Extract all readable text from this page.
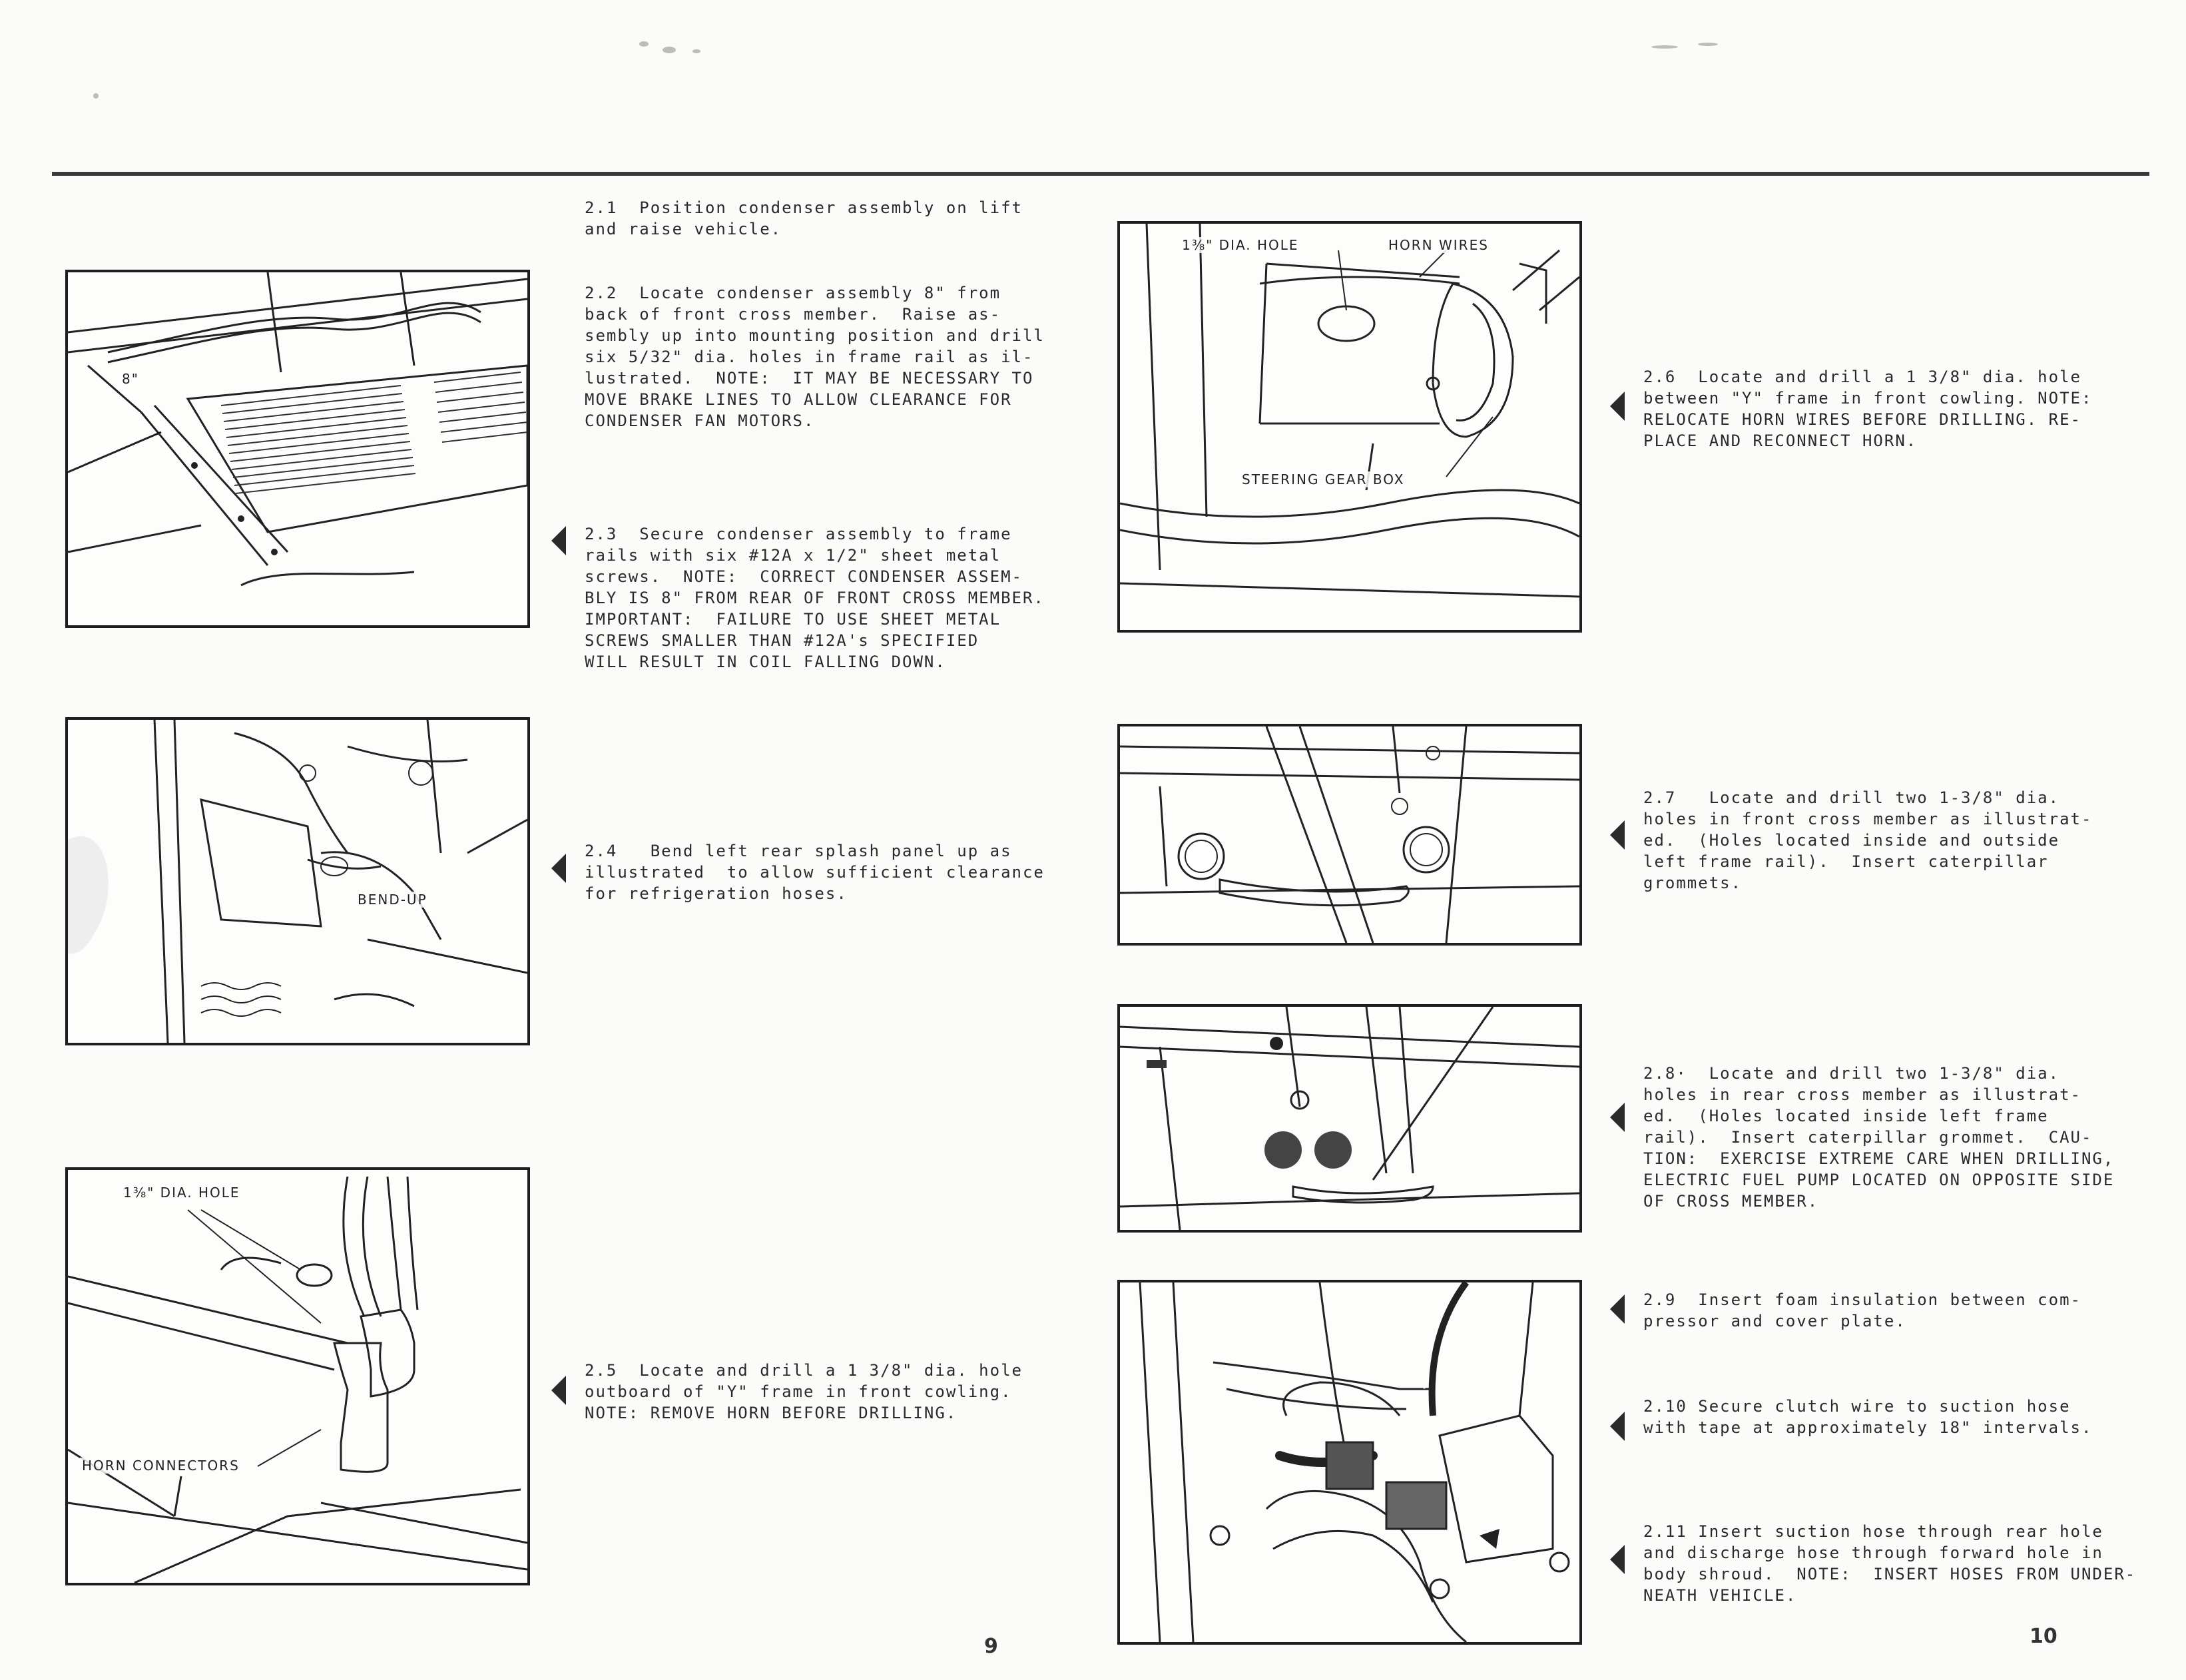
8"
2.1  Position condenser assembly on lift
and raise vehicle.
2.2  Locate condenser assembly 8" from
back of front cross member.  Raise as-
sembly up into mounting position and drill
six 5/32" dia. holes in frame rail as il-
lustrated.  NOTE:  IT MAY BE NECESSARY TO
MOVE BRAKE LINES TO ALLOW CLEARANCE FOR
CONDENSER FAN MOTORS.
2.3  Secure condenser assembly to frame
rails with six #12A x 1/2" sheet metal
screws.  NOTE:  CORRECT CONDENSER ASSEM-
BLY IS 8" FROM REAR OF FRONT CROSS MEMBER.
IMPORTANT:  FAILURE TO USE SHEET METAL
SCREWS SMALLER THAN #12A's SPECIFIED
WILL RESULT IN COIL FALLING DOWN.
BEND-UP
2.4   Bend left rear splash panel up as
illustrated  to allow sufficient clearance
for refrigeration hoses.
1⅜" DIA. HOLE
HORN CONNECTORS
2.5  Locate and drill a 1 3/8" dia. hole
outboard of "Y" frame in front cowling.
NOTE: REMOVE HORN BEFORE DRILLING.
9
1⅜" DIA. HOLE	HORN WIRES
STEERING GEAR BOX
2.6  Locate and drill a 1 3/8" dia. hole
between "Y" frame in front cowling. NOTE:
RELOCATE HORN WIRES BEFORE DRILLING. RE-
PLACE AND RECONNECT HORN.
2.7   Locate and drill two 1-3/8" dia.
holes in front cross member as illustrat-
ed.  (Holes located inside and outside
left frame rail).  Insert caterpillar
grommets.
2.8·  Locate and drill two 1-3/8" dia.
holes in rear cross member as illustrat-
ed.  (Holes located inside left frame
rail).  Insert caterpillar grommet.  CAU-
TION:  EXERCISE EXTREME CARE WHEN DRILLING,
ELECTRIC FUEL PUMP LOCATED ON OPPOSITE SIDE
OF CROSS MEMBER.
2.9  Insert foam insulation between com-
pressor and cover plate.
2.10 Secure clutch wire to suction hose
with tape at approximately 18" intervals.
2.11 Insert suction hose through rear hole
and discharge hose through forward hole in
body shroud.  NOTE:  INSERT HOSES FROM UNDER-
NEATH VEHICLE.
10
